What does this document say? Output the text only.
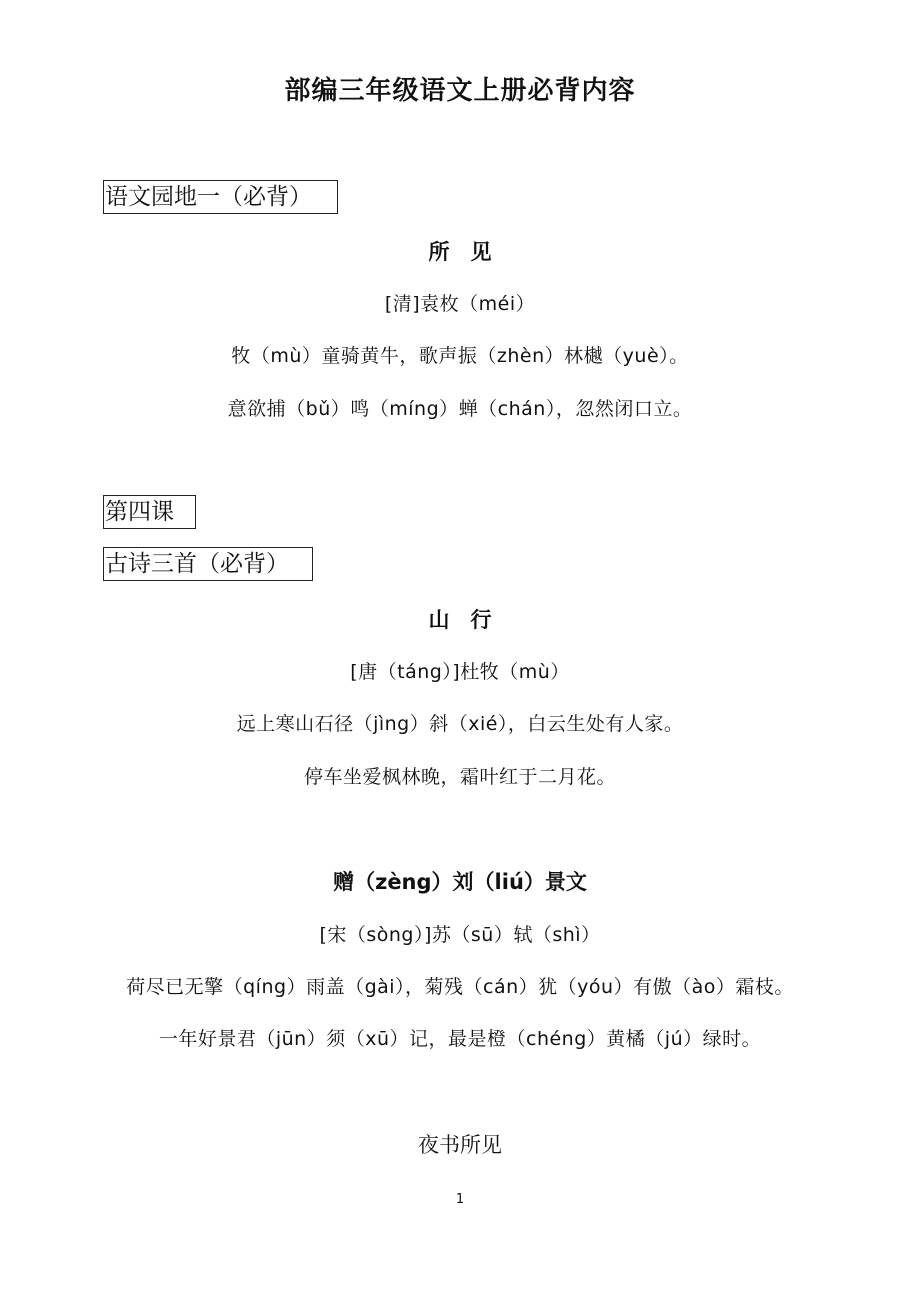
部编三年级语文上册必背内容
语文园地一（必背）
所　见
[清]袁枚（méi）
牧（mù）童骑黄牛，歌声振（zhèn）林樾（yuè）。
意欲捕（bǔ）鸣（míng）蝉（chán），忽然闭口立。
第四课
古诗三首（必背）
山　行
[唐（táng）]杜牧（mù）
远上寒山石径（jìng）斜（xié），白云生处有人家。
停车坐爱枫林晚，霜叶红于二月花。
赠（zèng）刘（liú）景文
[宋（sòng）]苏（sū）轼（shì）
荷尽已无擎（qíng）雨盖（gài），菊残（cán）犹（yóu）有傲（ào）霜枝。
一年好景君（jūn）须（xū）记，最是橙（chéng）黄橘（jú）绿时。
夜书所见
1
